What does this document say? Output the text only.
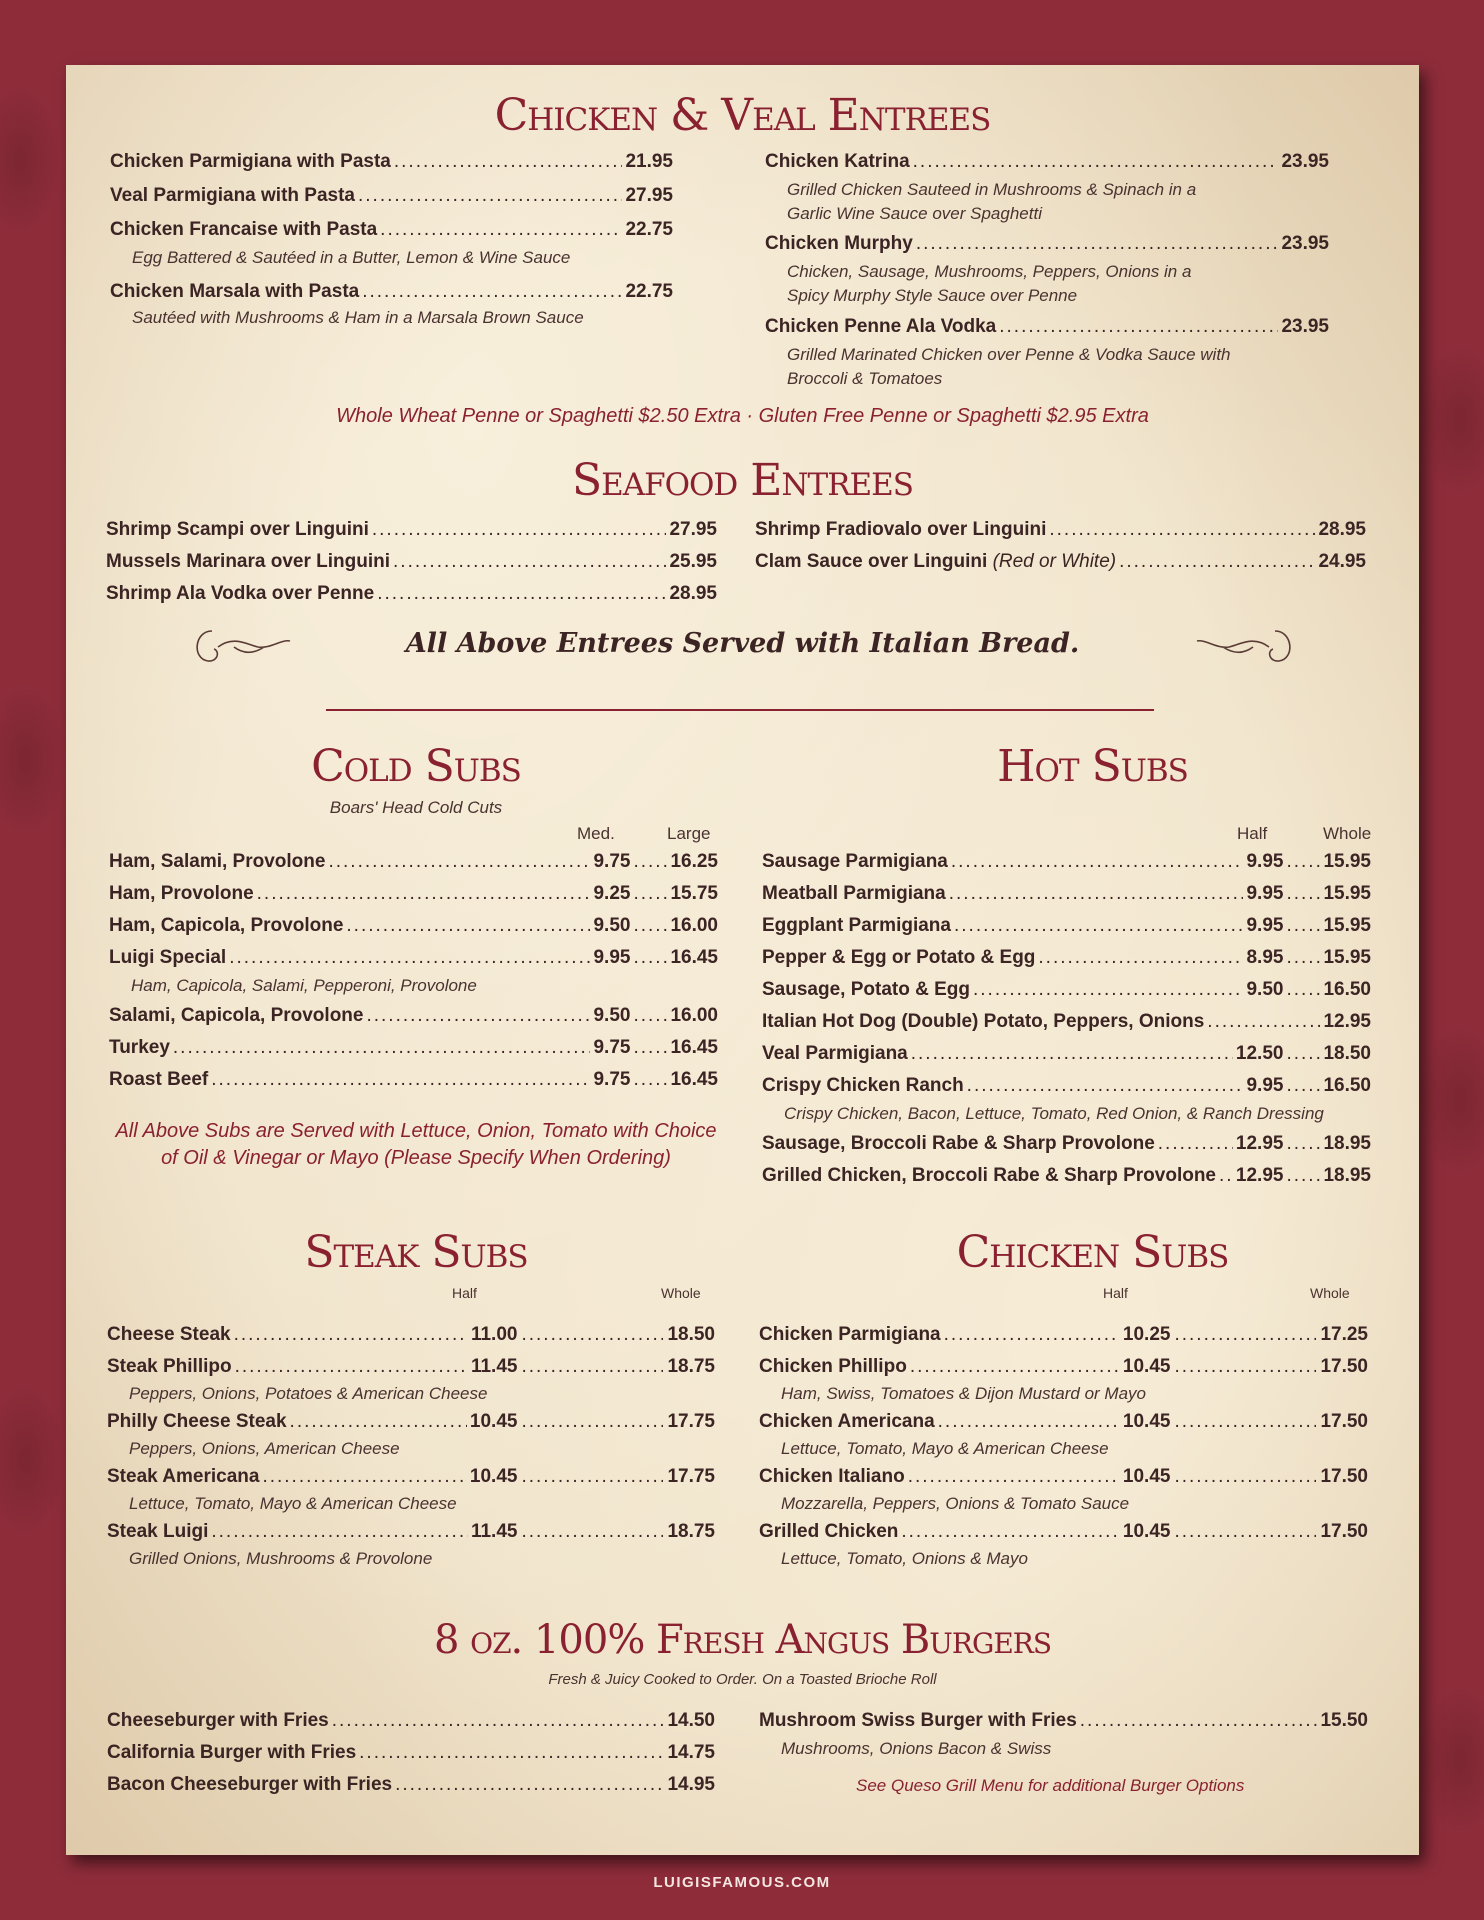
Chicken & Veal Entrees
Chicken Parmigiana with Pasta .....	21.95
Veal Parmigiana with Pasta .....	27.95
Chicken Francaise with Pasta .....	22.75
Egg Battered & Sautéed in a Butter, Lemon & Wine Sauce
Chicken Marsala with Pasta .....	22.75
Sautéed with Mushrooms & Ham in a Marsala Brown Sauce
Chicken Katrina .....	23.95
Grilled Chicken Sauteed in Mushrooms & Spinach in a
Garlic Wine Sauce over Spaghetti
Chicken Murphy .....	23.95
Chicken, Sausage, Mushrooms, Peppers, Onions in a
Spicy Murphy Style Sauce over Penne
Chicken Penne Ala Vodka .....	23.95
Grilled Marinated Chicken over Penne & Vodka Sauce with
Broccoli & Tomatoes
Whole Wheat Penne or Spaghetti $2.50 Extra · Gluten Free Penne or Spaghetti $2.95 Extra
Seafood Entrees
Shrimp Scampi over Linguini .....	27.95
Mussels Marinara over Linguini .....	25.95
Shrimp Ala Vodka over Penne .....	28.95
Shrimp Fradiovalo over Linguini .....	28.95
Clam Sauce over Linguini (Red or White) .....	24.95
All Above Entrees Served with Italian Bread.
Cold Subs
Boars' Head Cold Cuts
Med.	Large
Ham, Salami, Provolone .....	9.75 ..... 16.25
Ham, Provolone .....	9.25 ..... 15.75
Ham, Capicola, Provolone .....	9.50 ..... 16.00
Luigi Special .....	9.95 ..... 16.45
Ham, Capicola, Salami, Pepperoni, Provolone
Salami, Capicola, Provolone .....	9.50 ..... 16.00
Turkey .....	9.75 ..... 16.45
Roast Beef .....	9.75 ..... 16.45
All Above Subs are Served with Lettuce, Onion, Tomato with Choice
of Oil & Vinegar or Mayo (Please Specify When Ordering)
Hot Subs
Half	Whole
Sausage Parmigiana .....	9.95 ..... 15.95
Meatball Parmigiana .....	9.95 ..... 15.95
Eggplant Parmigiana .....	9.95 ..... 15.95
Pepper & Egg or Potato & Egg .....	8.95 ..... 15.95
Sausage, Potato & Egg .....	9.50 ..... 16.50
Italian Hot Dog (Double) Potato, Peppers, Onions .....	12.95
Veal Parmigiana .....	12.50 ..... 18.50
Crispy Chicken Ranch .....	9.95 ..... 16.50
Crispy Chicken, Bacon, Lettuce, Tomato, Red Onion, & Ranch Dressing
Sausage, Broccoli Rabe & Sharp Provolone .....	12.95 ..... 18.95
Grilled Chicken, Broccoli Rabe & Sharp Provolone ..... 12.95 ..... 18.95
Steak Subs
Half	Whole
Cheese Steak .....	11.00 .....	18.50
Steak Phillipo .....	11.45 .....	18.75
Peppers, Onions, Potatoes & American Cheese
Philly Cheese Steak .....	10.45 .....	17.75
Peppers, Onions, American Cheese
Steak Americana .....	10.45 .....	17.75
Lettuce, Tomato, Mayo & American Cheese
Steak Luigi .....	11.45 .....	18.75
Grilled Onions, Mushrooms & Provolone
Chicken Subs
Half	Whole
Chicken Parmigiana .....	10.25 .....	17.25
Chicken Phillipo .....	10.45 .....	17.50
Ham, Swiss, Tomatoes & Dijon Mustard or Mayo
Chicken Americana .....	10.45 .....	17.50
Lettuce, Tomato, Mayo & American Cheese
Chicken Italiano .....	10.45 .....	17.50
Mozzarella, Peppers, Onions & Tomato Sauce
Grilled Chicken .....	10.45 .....	17.50
Lettuce, Tomato, Onions & Mayo
8 oz. 100% Fresh Angus Burgers
Fresh & Juicy Cooked to Order. On a Toasted Brioche Roll
Cheeseburger with Fries .....	14.50
California Burger with Fries .....	14.75
Bacon Cheeseburger with Fries .....	14.95
Mushroom Swiss Burger with Fries .....	15.50
Mushrooms, Onions Bacon & Swiss
See Queso Grill Menu for additional Burger Options
LUIGISFAMOUS.COM
